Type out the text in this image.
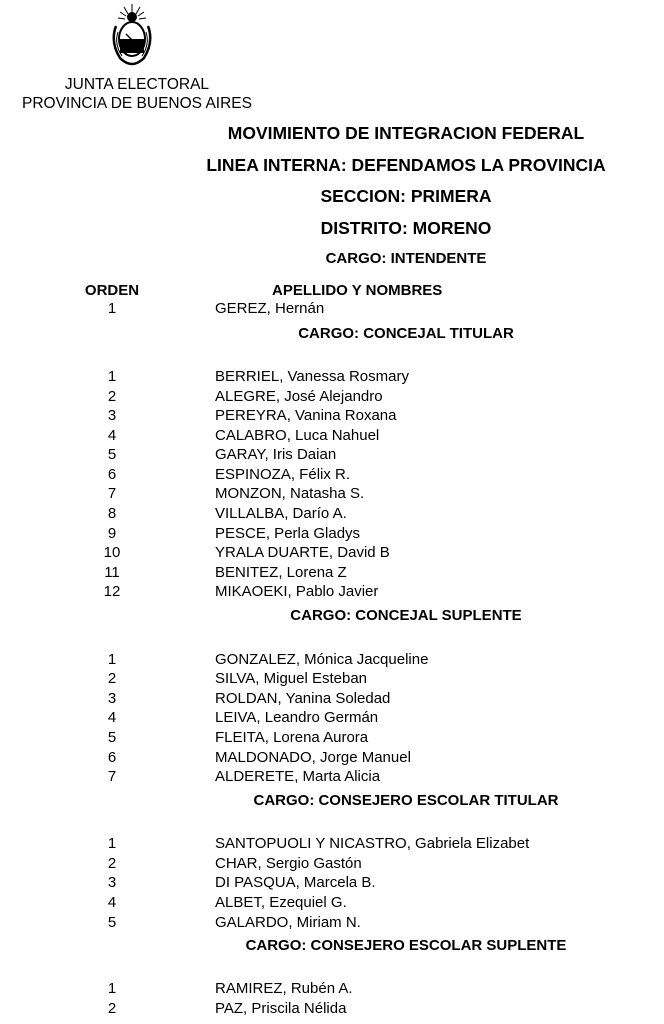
JUNTA ELECTORAL
PROVINCIA DE BUENOS AIRES
MOVIMIENTO DE INTEGRACION FEDERAL
LINEA INTERNA: DEFENDAMOS LA PROVINCIA
SECCION: PRIMERA
DISTRITO: MORENO
CARGO: INTENDENTE
ORDEN	APELLIDO Y NOMBRES
1	GEREZ, Hernán
CARGO: CONCEJAL TITULAR
1	BERRIEL, Vanessa Rosmary
2	ALEGRE, José Alejandro
3	PEREYRA, Vanina Roxana
4	CALABRO, Luca Nahuel
5	GARAY, Iris Daian
6	ESPINOZA, Félix R.
7	MONZON, Natasha S.
8	VILLALBA, Darío A.
9	PESCE, Perla Gladys
10	YRALA DUARTE, David B
11	BENITEZ, Lorena Z
12	MIKAOEKI, Pablo Javier
CARGO: CONCEJAL SUPLENTE
1	GONZALEZ, Mónica Jacqueline
2	SILVA, Miguel Esteban
3	ROLDAN, Yanina Soledad
4	LEIVA, Leandro Germán
5	FLEITA, Lorena Aurora
6	MALDONADO, Jorge Manuel
7	ALDERETE, Marta Alicia
CARGO: CONSEJERO ESCOLAR TITULAR
1	SANTOPUOLI Y NICASTRO, Gabriela Elizabet
2	CHAR, Sergio Gastón
3	DI PASQUA, Marcela B.
4	ALBET, Ezequiel G.
5	GALARDO, Miriam N.
CARGO: CONSEJERO ESCOLAR SUPLENTE
1	RAMIREZ, Rubén A.
2	PAZ, Priscila Nélida
